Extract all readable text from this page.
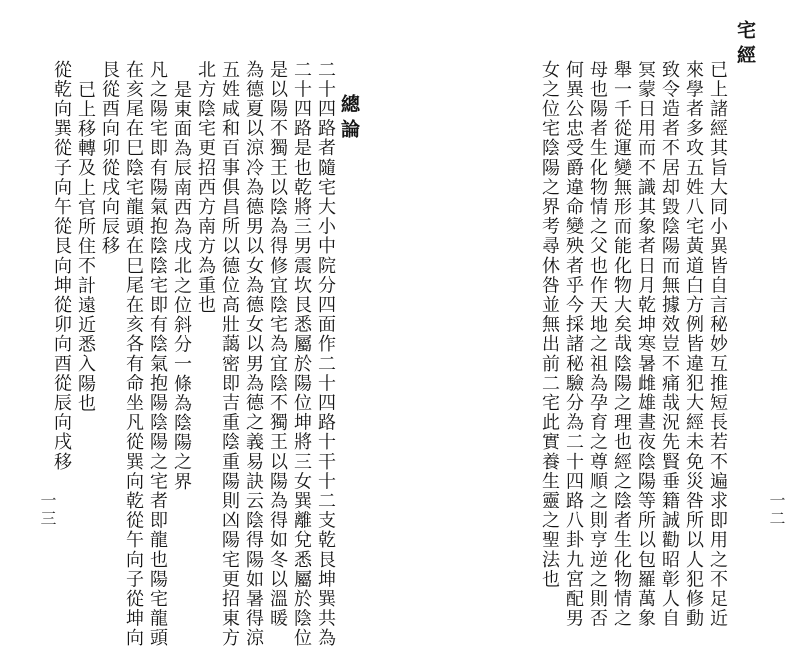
宅經
已上諸經其旨大同小異皆自言秘妙互推短長若不遍求即用之不足近
來學者多攻五姓八宅黃道白方例皆違犯大經未免災咎所以人犯修動
致令造者不居却毀陰陽而無據效豈不痛哉況先賢垂籍誠勸昭彰人自
冥蒙日用而不識其象者日月乾坤寒暑雌雄晝夜陰陽等所以包羅萬象
舉一千從運變無形而能化物大矣哉陰陽之理也經之陰者生化物情之
母也陽者生化物情之父也作天地之祖為孕育之尊順之則亨逆之則否
何異公忠受爵違命變殃者乎今採諸秘驗分為二十四路八卦九宮配男
女之位宅陰陽之界考尋休咎並無出前二宅此實養生靈之聖法也	一二
總論
二十四路者隨宅大小中院分四面作二十四路十干十二支乾艮坤巽共為
二十四路是也乾將三男震坎艮悉屬於陽位坤將三女巽離兌悉屬於陰位
是以陽不獨王以陰為得修宜陰宅為宜陰不獨王以陽為得如冬以溫暖
為德夏以涼冷為德男以女為德女以男為德之義易訣云陰得陽如暑得涼
五姓咸和百事俱昌所以德位高壯藹密即吉重陰重陽則凶陽宅更招東方
北方陰宅更招西方南方為重也
是東面為辰南西為戌北之位斜分一條為陰陽之界
凡之陽宅即有陽氣抱陰陰宅即有陰氣抱陽陰陽之宅者即龍也陽宅龍頭
在亥尾在巳陰宅龍頭在巳尾在亥各有命坐凡從巽向乾從午向子從坤向
艮從酉向卯從戌向辰移
已上移轉及上官所住不計遠近悉入陽也
從乾向巽從子向午從艮向坤從卯向酉從辰向戌移
一三
